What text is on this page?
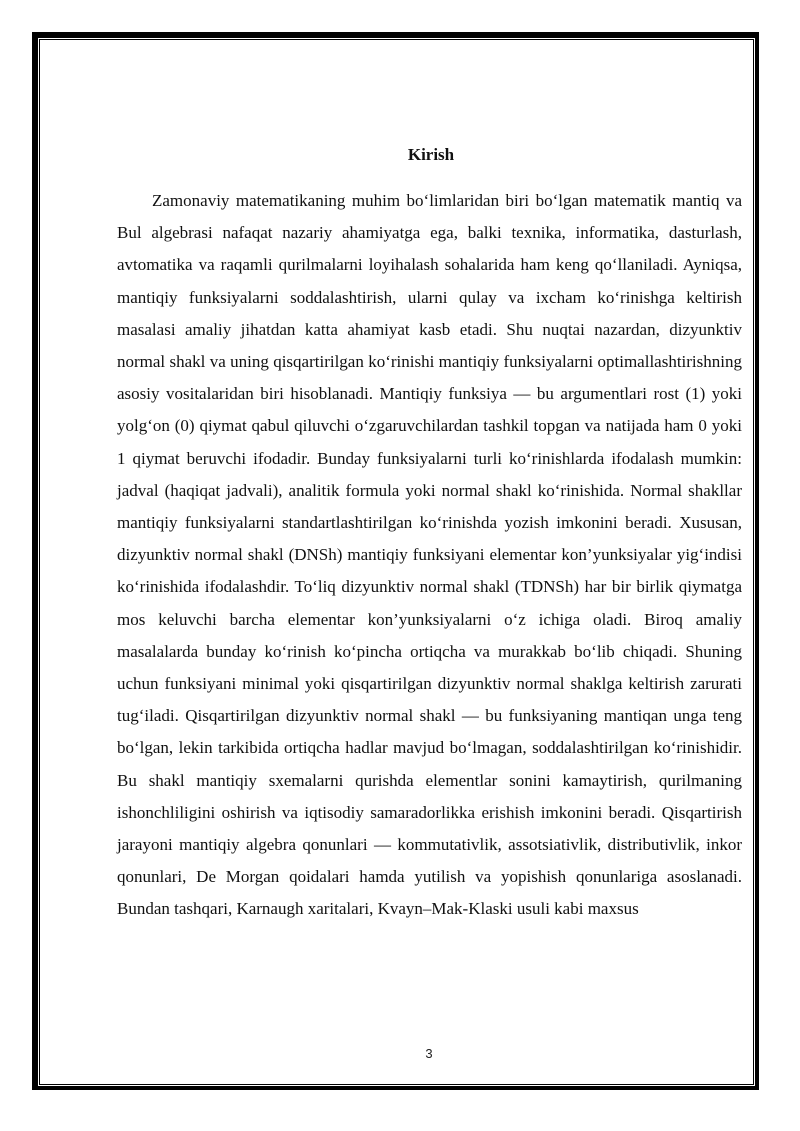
Kirish

Zamonaviy matematikaning muhim bo‘limlaridan biri bo‘lgan matematik mantiq va Bul algebrasi nafaqat nazariy ahamiyatga ega, balki texnika, informatika, dasturlash, avtomatika va raqamli qurilmalarni loyihalash sohalarida ham keng qo‘llaniladi. Ayniqsa, mantiqiy funksiyalarni soddalashtirish, ularni qulay va ixcham ko‘rinishga keltirish masalasi amaliy jihatdan katta ahamiyat kasb etadi. Shu nuqtai nazardan, dizyunktiv normal shakl va uning qisqartirilgan ko‘rinishi mantiqiy funksiyalarni optimallashtirishning asosiy vositalaridan biri hisoblanadi. Mantiqiy funksiya — bu argumentlari rost (1) yoki yolg‘on (0) qiymat qabul qiluvchi o‘zgaruvchilardan tashkil topgan va natijada ham 0 yoki 1 qiymat beruvchi ifodadir. Bunday funksiyalarni turli ko‘rinishlarda ifodalash mumkin: jadval (haqiqat jadvali), analitik formula yoki normal shakl ko‘rinishida. Normal shakllar mantiqiy funksiyalarni standartlashtirilgan ko‘rinishda yozish imkonini beradi. Xususan, dizyunktiv normal shakl (DNSh) mantiqiy funksiyani elementar kon’yunksiyalar yig‘indisi ko‘rinishida ifodalashdir. To‘liq dizyunktiv normal shakl (TDNSh) har bir birlik qiymatga mos keluvchi barcha elementar kon’yunksiyalarni o‘z ichiga oladi. Biroq amaliy masalalarda bunday ko‘rinish ko‘pincha ortiqcha va murakkab bo‘lib chiqadi. Shuning uchun funksiyani minimal yoki qisqartirilgan dizyunktiv normal shaklga keltirish zarurati tug‘iladi. Qisqartirilgan dizyunktiv normal shakl — bu funksiyaning mantiqan unga teng bo‘lgan, lekin tarkibida ortiqcha hadlar mavjud bo‘lmagan, soddalashtirilgan ko‘rinishidir. Bu shakl mantiqiy sxemalarni qurishda elementlar sonini kamaytirish, qurilmaning ishonchliligini oshirish va iqtisodiy samaradorlikka erishish imkonini beradi. Qisqartirish jarayoni mantiqiy algebra qonunlari — kommutativlik, assotsiativlik, distributivlik, inkor qonunlari, De Morgan qoidalari hamda yutilish va yopishish qonunlariga asoslanadi. Bundan tashqari, Karnaugh xaritalari, Kvayn–Mak-Klaski usuli kabi maxsus

3
